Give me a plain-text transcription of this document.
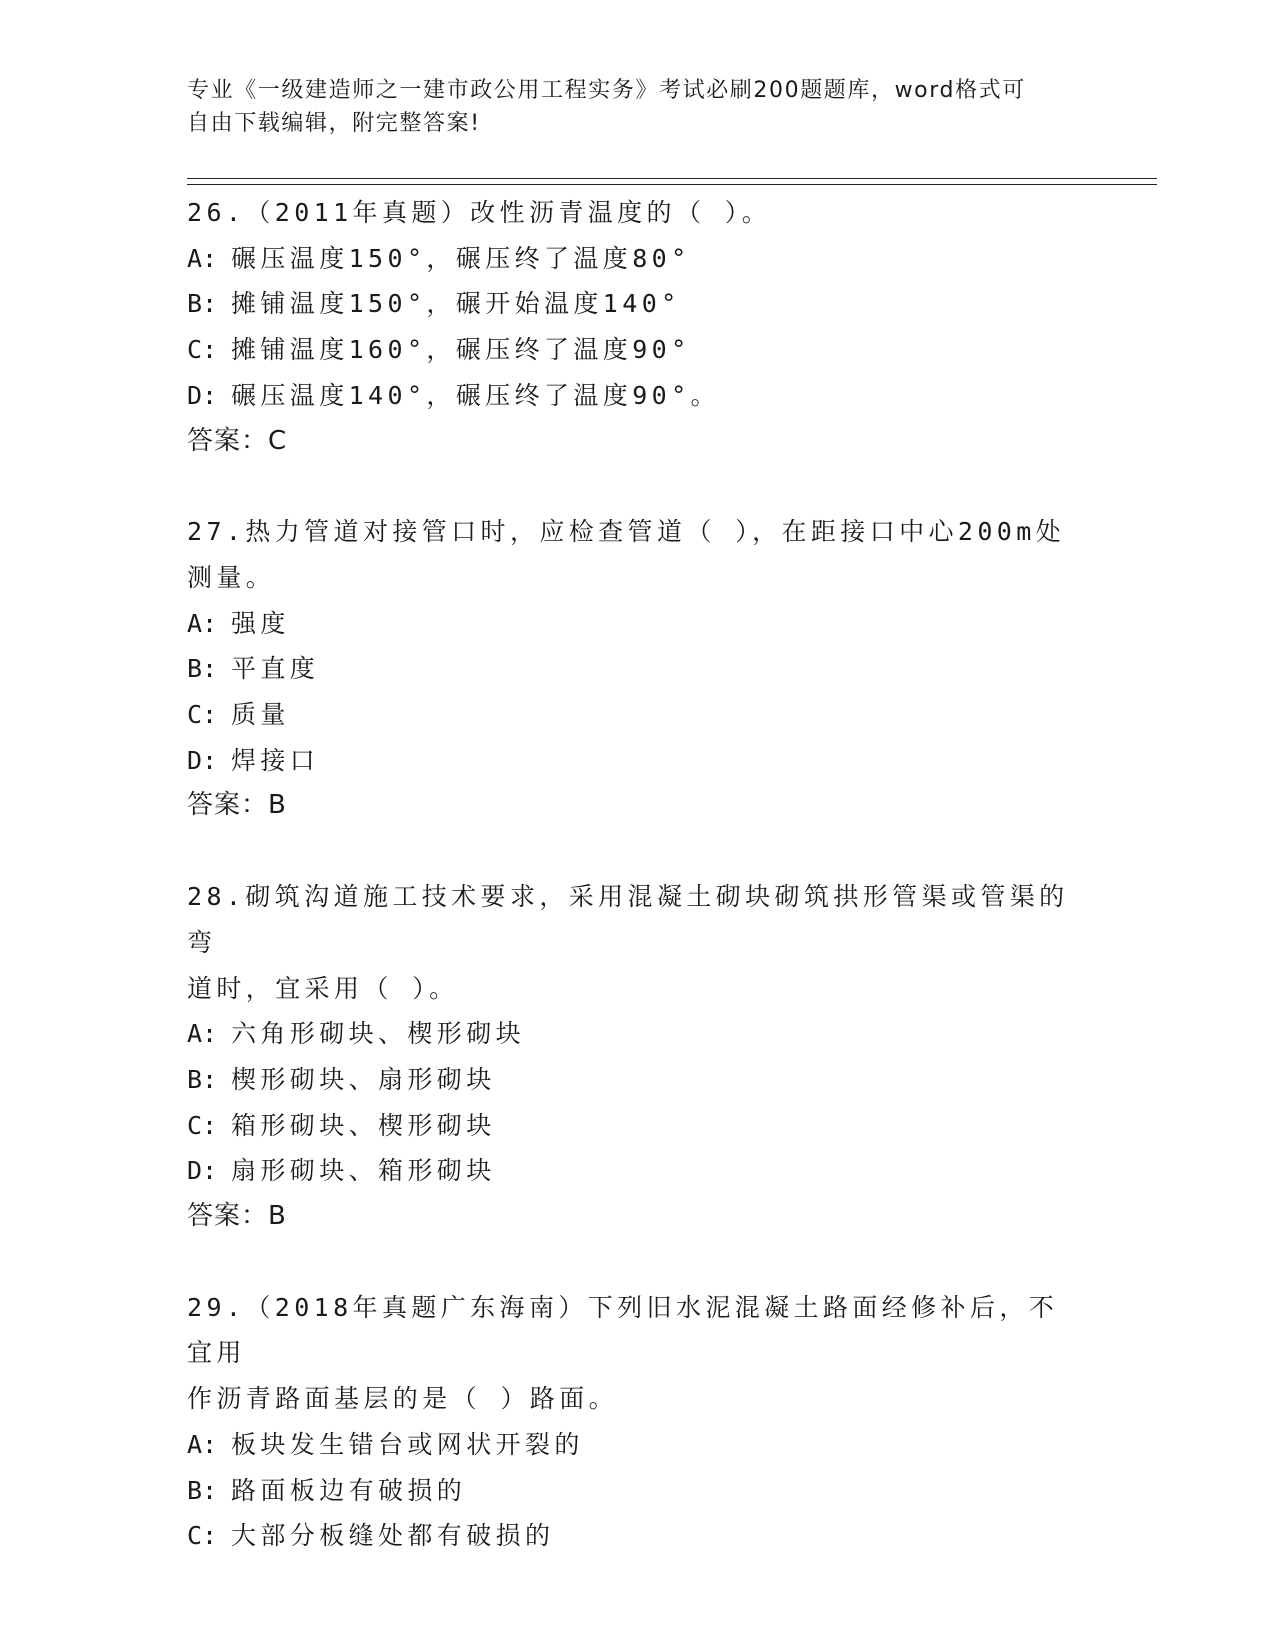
专业《一级建造师之一建市政公用工程实务》考试必刷200题题库，word格式可
自由下载编辑，附完整答案!
26.（2011年真题）改性沥青温度的（ ）。
A: 碾压温度150°，碾压终了温度80°
B: 摊铺温度150°，碾开始温度140°
C: 摊铺温度160°，碾压终了温度90°
D: 碾压温度140°，碾压终了温度90°。
答案：C
27.热力管道对接管口时，应检查管道（ ），在距接口中心200m处
测量。
A: 强度
B: 平直度
C: 质量
D: 焊接口
答案：B
28.砌筑沟道施工技术要求，采用混凝土砌块砌筑拱形管渠或管渠的弯
道时，宜采用（ ）。
A: 六角形砌块、楔形砌块
B: 楔形砌块、扇形砌块
C: 箱形砌块、楔形砌块
D: 扇形砌块、箱形砌块
答案：B
29.（2018年真题广东海南）下列旧水泥混凝土路面经修补后，不宜用
作沥青路面基层的是（ ）路面。
A: 板块发生错台或网状开裂的
B: 路面板边有破损的
C: 大部分板缝处都有破损的
